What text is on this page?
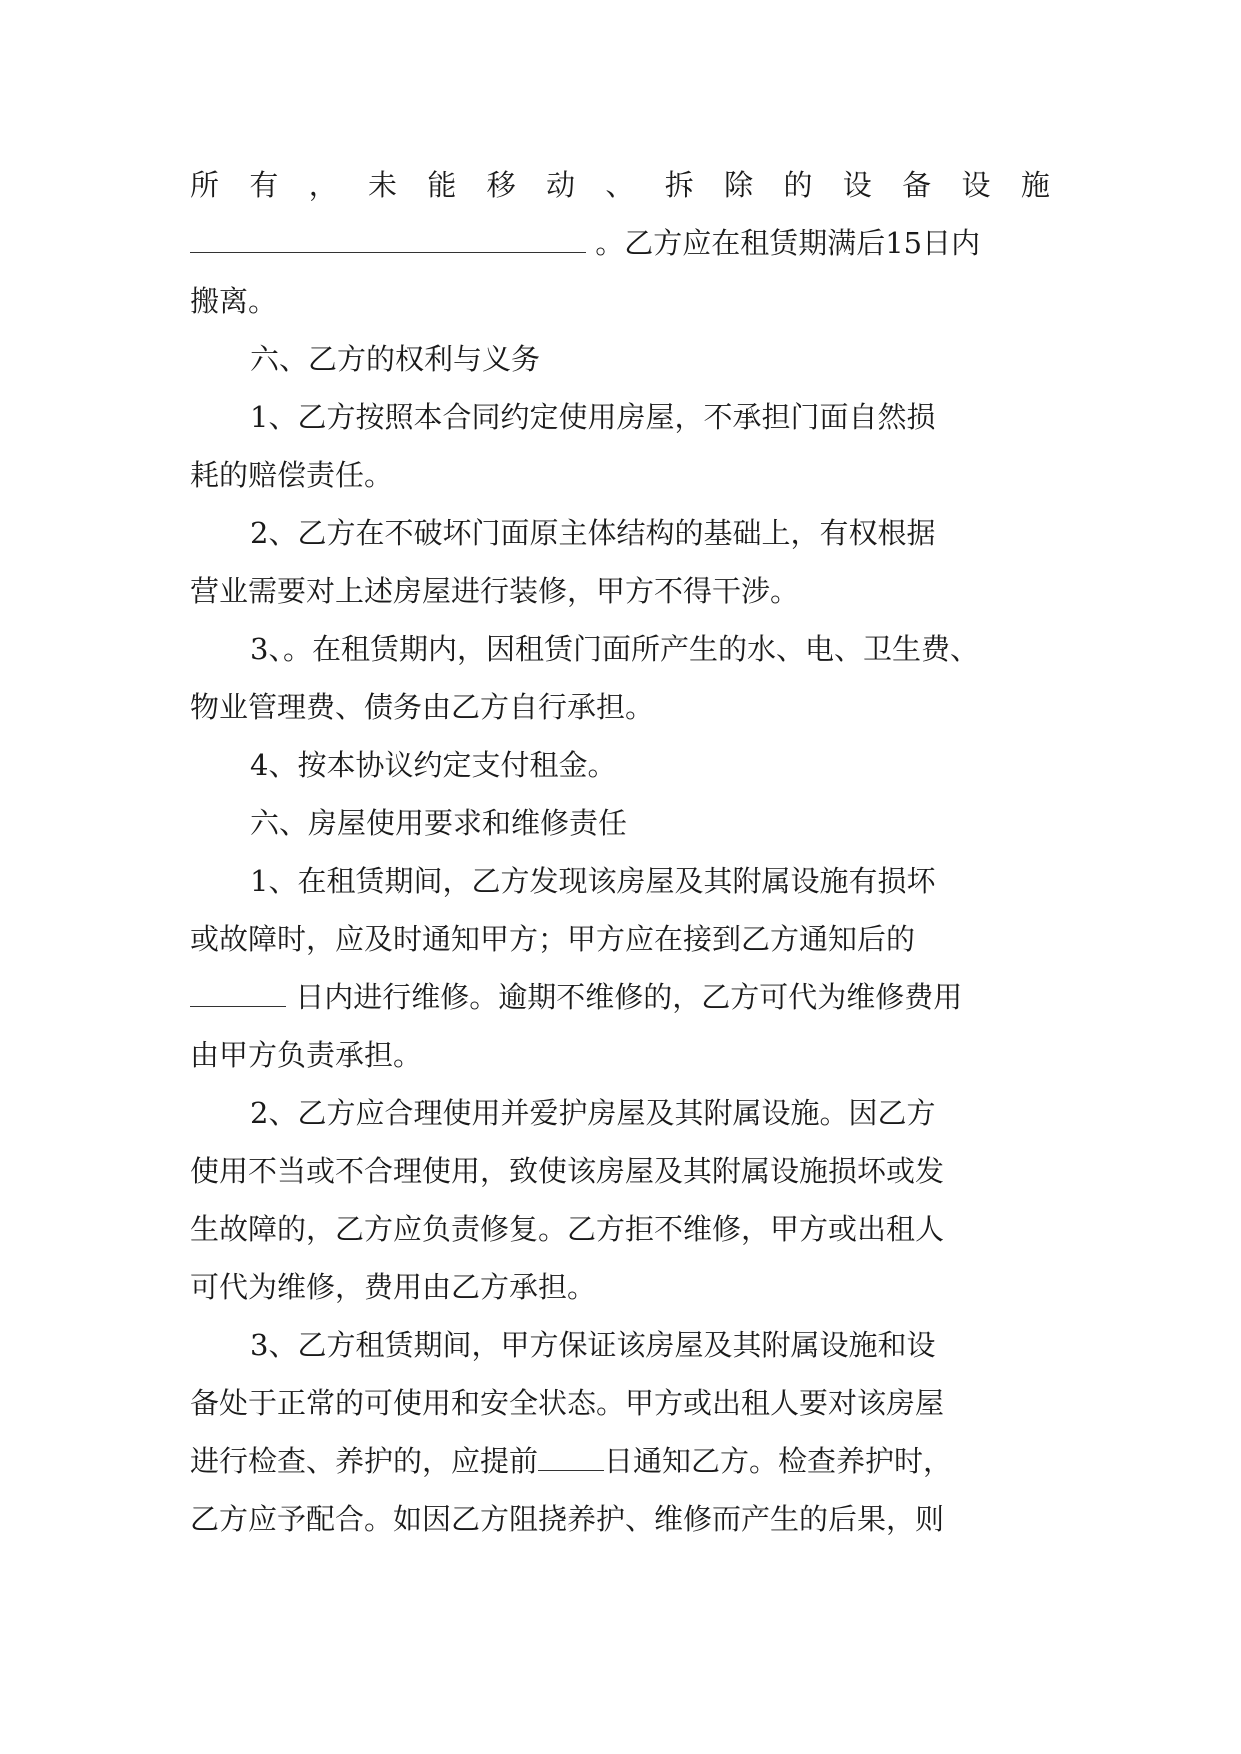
所 有 ， 未 能 移 动 、 拆 除 的 设 备 设 施
。乙方应在租赁期满后15日内
搬离。
六、乙方的权利与义务
1、乙方按照本合同约定使用房屋，不承担门面自然损
耗的赔偿责任。
2、乙方在不破坏门面原主体结构的基础上，有权根据
营业需要对上述房屋进行装修，甲方不得干涉。
3、。在租赁期内，因租赁门面所产生的水、电、卫生费、
物业管理费、债务由乙方自行承担。
4、按本协议约定支付租金。
六、房屋使用要求和维修责任
1、在租赁期间，乙方发现该房屋及其附属设施有损坏
或故障时，应及时通知甲方；甲方应在接到乙方通知后的
日内进行维修。逾期不维修的，乙方可代为维修费用
由甲方负责承担。
2、乙方应合理使用并爱护房屋及其附属设施。因乙方
使用不当或不合理使用，致使该房屋及其附属设施损坏或发
生故障的，乙方应负责修复。乙方拒不维修，甲方或出租人
可代为维修，费用由乙方承担。
3、乙方租赁期间，甲方保证该房屋及其附属设施和设
备处于正常的可使用和安全状态。甲方或出租人要对该房屋
进行检查、养护的，应提前 日通知乙方。检查养护时，
乙方应予配合。如因乙方阻挠养护、维修而产生的后果，则
